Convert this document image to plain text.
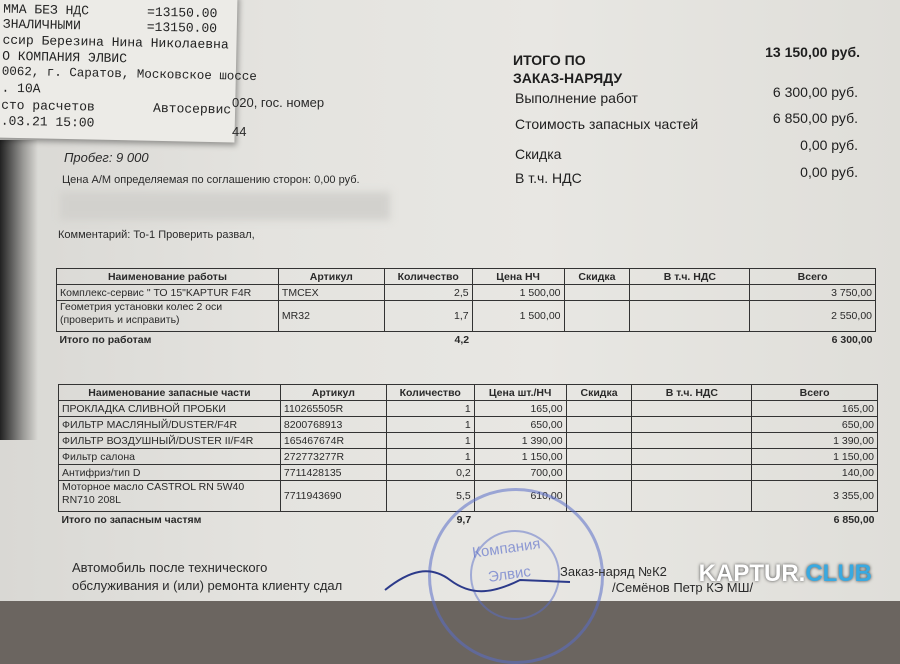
ММА БЕЗ НДС	=13150.00
ЗНАЛИЧНЫМИ	=13150.00
ссир Березина Нина Николаевна
О КОМПАНИЯ ЭЛВИС
0062, г. Саратов, Московское шоссе
. 10А
сто расчетов	Автосервис
.03.21 15:00
020, гос. номер
44
Пробег: 9 000
Цена А/М определяемая по соглашению сторон: 0,00 руб.
Комментарий: То-1 Проверить развал,
ИТОГО ПО
ЗАКАЗ-НАРЯДУ
13 150,00 руб.
Выполнение работ	6 300,00 руб.
Стоимость запасных частей	6 850,00 руб.
Скидка
0,00 руб.
В т.ч. НДС	0,00 руб.
Наименование работы	Артикул	Количество	Цена НЧ	Скидка	В т.ч. НДС	Всего
Комплекс-сервис " ТО 15"KAPTUR F4R	TMCEX	2,5	1 500,00			3 750,00

Геометрия установки колес 2 оси
(проверить и исправить)	MR32	1,7	1 500,00			2 550,00
Итого по работам		4,2				6 300,00
Наименование запасные части	Артикул	Количество	Цена шт./НЧ	Скидка	В т.ч. НДС	Всего
ПРОКЛАДКА СЛИВНОЙ ПРОБКИ	110265505R	1	165,00			165,00
ФИЛЬТР МАСЛЯНЫЙ/DUSTER/F4R	8200768913	1	650,00			650,00
ФИЛЬТР ВОЗДУШНЫЙ/DUSTER II/F4R	165467674R	1	1 390,00			1 390,00
Фильтр салона	272773277R	1	1 150,00			1 150,00
Антифриз/тип D	7711428135	0,2	700,00			140,00

Моторное масло CASTROL RN 5W40
RN710 208L	7711943690	5,5	610,00			3 355,00
Итого по запасным частям		9,7				6 850,00
Компания
Элвис
Автомобиль после технического
обслуживания и (или) ремонта клиенту сдал
Заказ-наряд №К2
/Семёнов Петр КЭ МШ/
KAPTUR.CLUB
